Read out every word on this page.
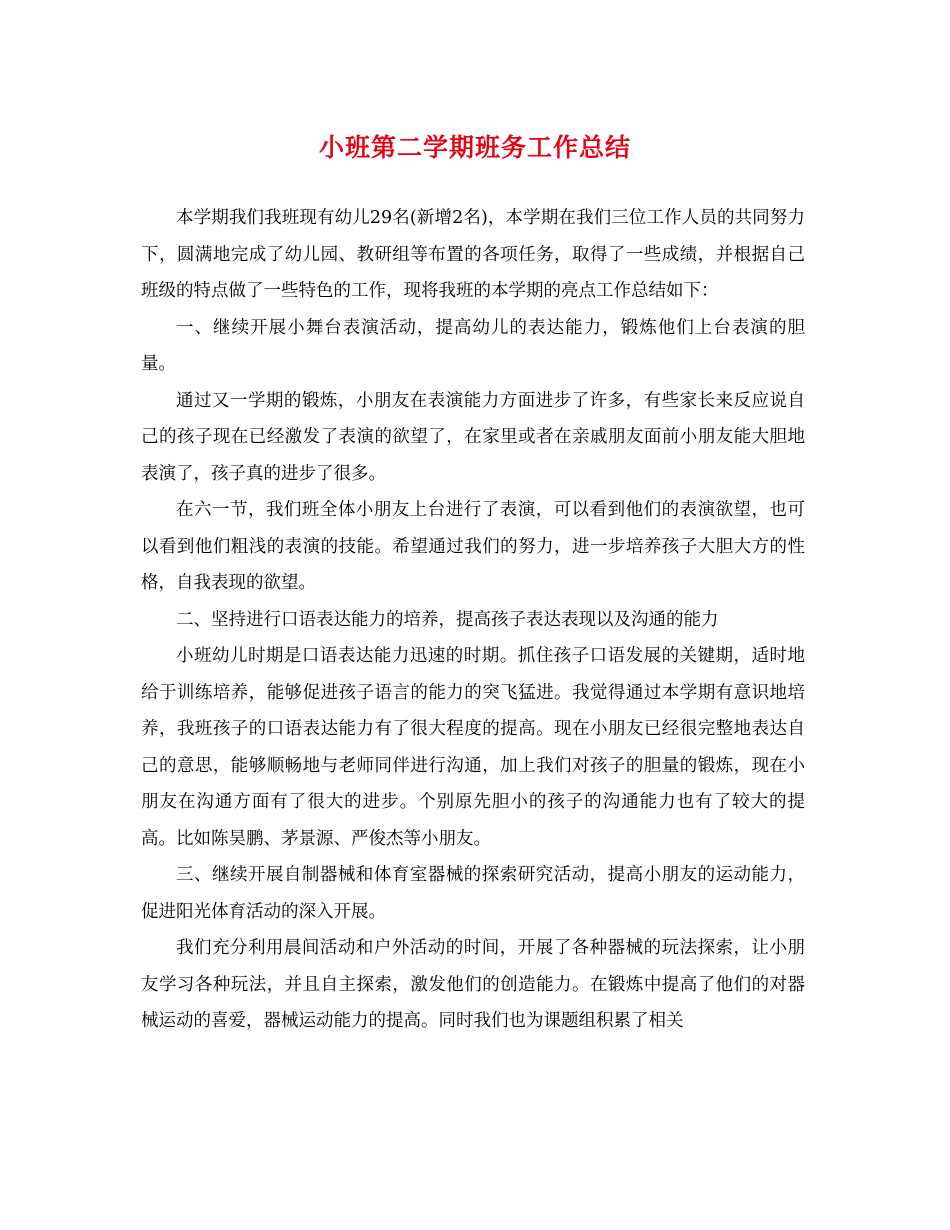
小班第二学期班务工作总结

本学期我们我班现有幼儿29名(新增2名)，本学期在我们三位工作人员的共同努力下，圆满地完成了幼儿园、教研组等布置的各项任务，取得了一些成绩，并根据自己班级的特点做了一些特色的工作，现将我班的本学期的亮点工作总结如下：

一、继续开展小舞台表演活动，提高幼儿的表达能力，锻炼他们上台表演的胆量。

通过又一学期的锻炼，小朋友在表演能力方面进步了许多，有些家长来反应说自己的孩子现在已经激发了表演的欲望了，在家里或者在亲戚朋友面前小朋友能大胆地表演了，孩子真的进步了很多。

在六一节，我们班全体小朋友上台进行了表演，可以看到他们的表演欲望，也可以看到他们粗浅的表演的技能。希望通过我们的努力，进一步培养孩子大胆大方的性格，自我表现的欲望。

二、坚持进行口语表达能力的培养，提高孩子表达表现以及沟通的能力

小班幼儿时期是口语表达能力迅速的时期。抓住孩子口语发展的关键期，适时地给于训练培养，能够促进孩子语言的能力的突飞猛进。我觉得通过本学期有意识地培养，我班孩子的口语表达能力有了很大程度的提高。现在小朋友已经很完整地表达自己的意思，能够顺畅地与老师同伴进行沟通，加上我们对孩子的胆量的锻炼，现在小朋友在沟通方面有了很大的进步。个别原先胆小的孩子的沟通能力也有了较大的提高。比如陈昊鹏、茅景源、严俊杰等小朋友。

三、继续开展自制器械和体育室器械的探索研究活动，提高小朋友的运动能力，促进阳光体育活动的深入开展。

我们充分利用晨间活动和户外活动的时间，开展了各种器械的玩法探索，让小朋友学习各种玩法，并且自主探索，激发他们的创造能力。在锻炼中提高了他们的对器械运动的喜爱，器械运动能力的提高。同时我们也为课题组积累了相关
